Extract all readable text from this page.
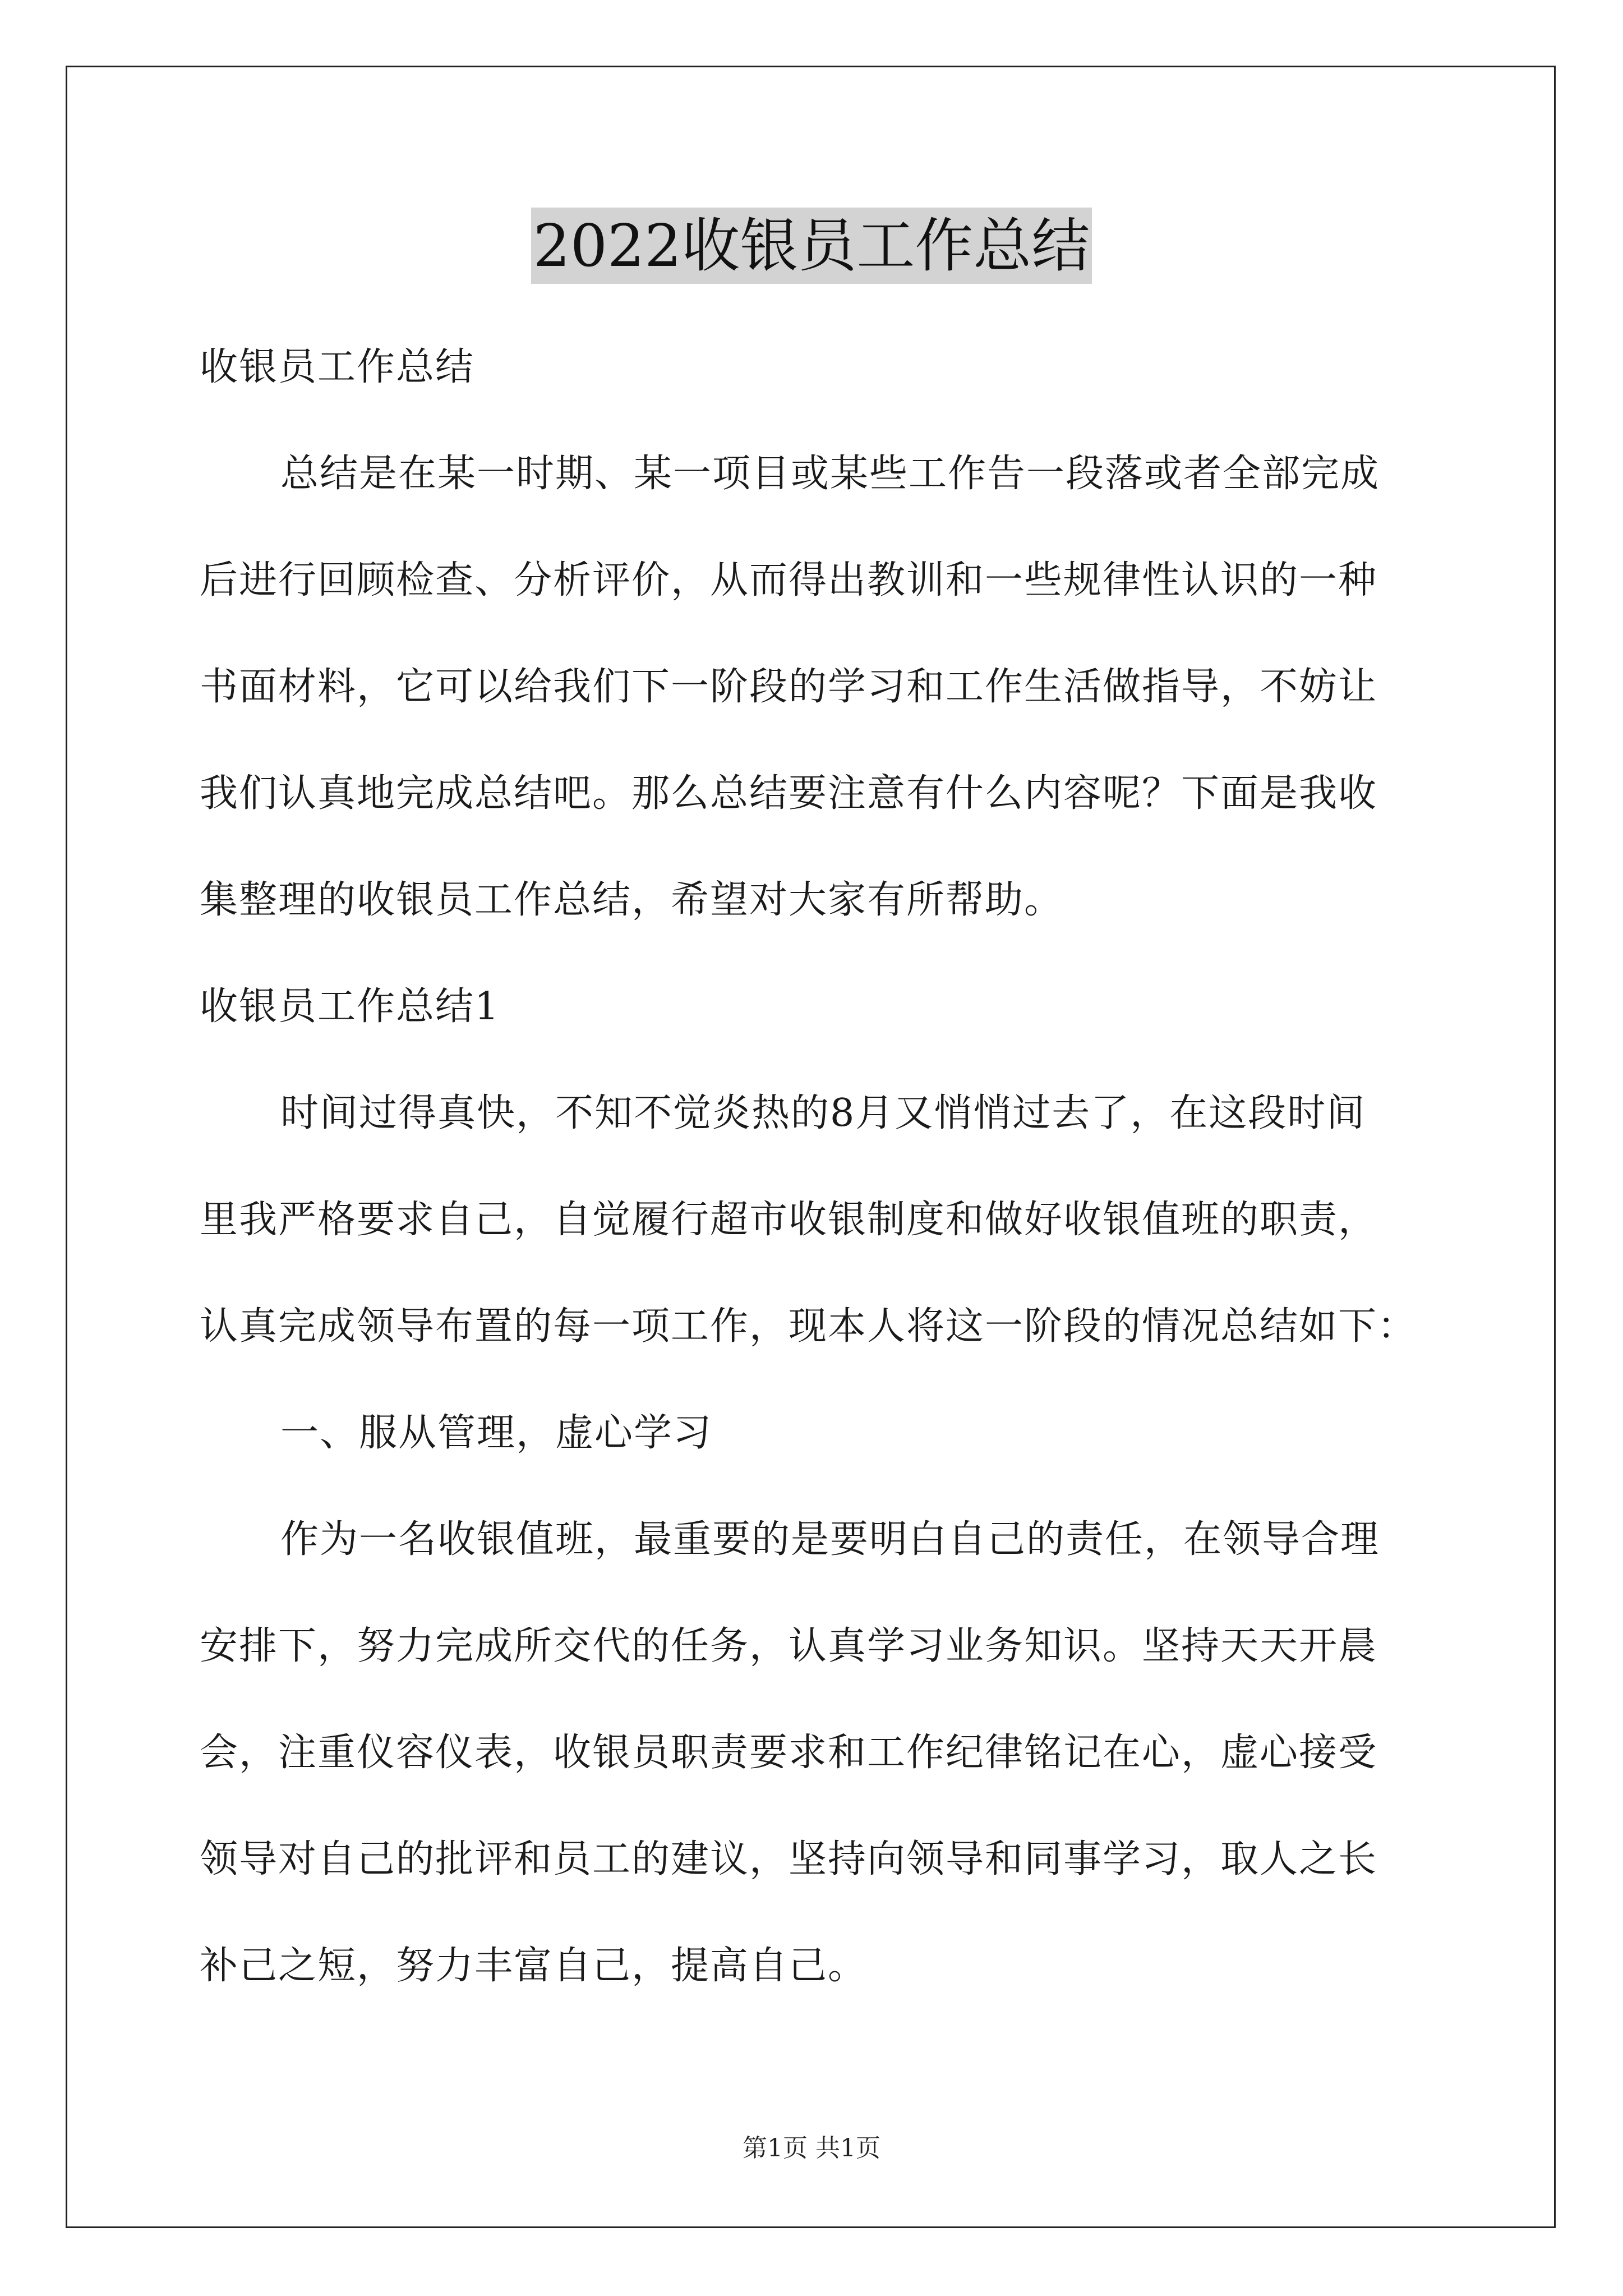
2022收银员工作总结
收银员工作总结
总结是在某一时期、某一项目或某些工作告一段落或者全部完成
后进行回顾检查、分析评价，从而得出教训和一些规律性认识的一种
书面材料，它可以给我们下一阶段的学习和工作生活做指导，不妨让
我们认真地完成总结吧。那么总结要注意有什么内容呢？下面是我收
集整理的收银员工作总结，希望对大家有所帮助。
收银员工作总结1
时间过得真快，不知不觉炎热的8月又悄悄过去了，在这段时间
里我严格要求自己，自觉履行超市收银制度和做好收银值班的职责，
认真完成领导布置的每一项工作，现本人将这一阶段的情况总结如下：
一、服从管理，虚心学习
作为一名收银值班，最重要的是要明白自己的责任，在领导合理
安排下，努力完成所交代的任务，认真学习业务知识。坚持天天开晨
会，注重仪容仪表，收银员职责要求和工作纪律铭记在心，虚心接受
领导对自己的批评和员工的建议，坚持向领导和同事学习，取人之长
补己之短，努力丰富自己，提高自己。
第1页 共1页
